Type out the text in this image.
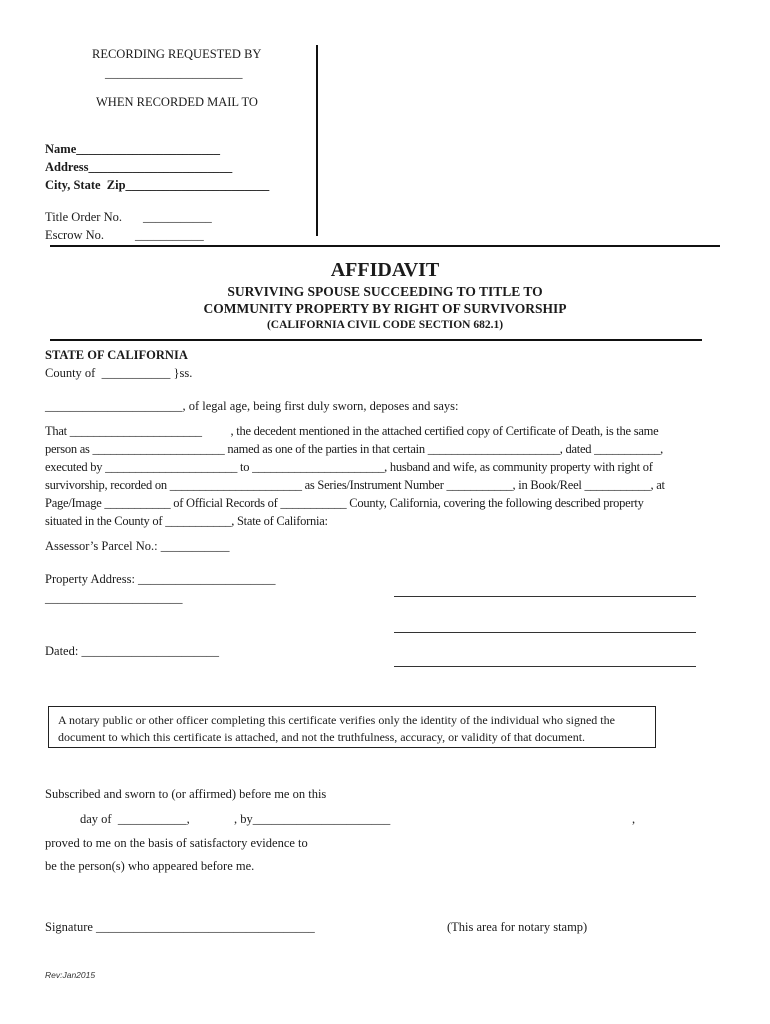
RECORDING REQUESTED BY
______________________
WHEN RECORDED MAIL TO
Name_______________________
Address_______________________
City, State  Zip_______________________
Title Order No. ___________
Escrow No. ___________
AFFIDAVIT
SURVIVING SPOUSE SUCCEEDING TO TITLE TO
COMMUNITY PROPERTY BY RIGHT OF SURVIVORSHIP
(CALIFORNIA CIVIL CODE SECTION 682.1)
STATE OF CALIFORNIA
County of  ___________ }ss.
______________________, of legal age, being first duly sworn, deposes and says:
That ______________________          , the decedent mentioned in the attached certified copy of Certificate of Death, is the same
person as ______________________ named as one of the parties in that certain ______________________, dated ___________,
executed by ______________________ to ______________________, husband and wife, as community property with right of
survivorship, recorded on ______________________ as Series/Instrument Number ___________, in Book/Reel ___________, at
Page/Image ___________ of Official Records of ___________ County, California, covering the following described property
situated in the County of ___________, State of California:
Assessor’s Parcel No.: ___________
Property Address: ______________________
______________________
Dated: ______________________
A notary public or other officer completing this certificate verifies only the identity of the individual who signed the document to which this certificate is attached, and not the truthfulness, accuracy, or validity of that document.
Subscribed and sworn to (or affirmed) before me on this
day of  ___________,	, by______________________	,
proved to me on the basis of satisfactory evidence to
be the person(s) who appeared before me.
Signature ___________________________________	(This area for notary stamp)
Rev:Jan2015
